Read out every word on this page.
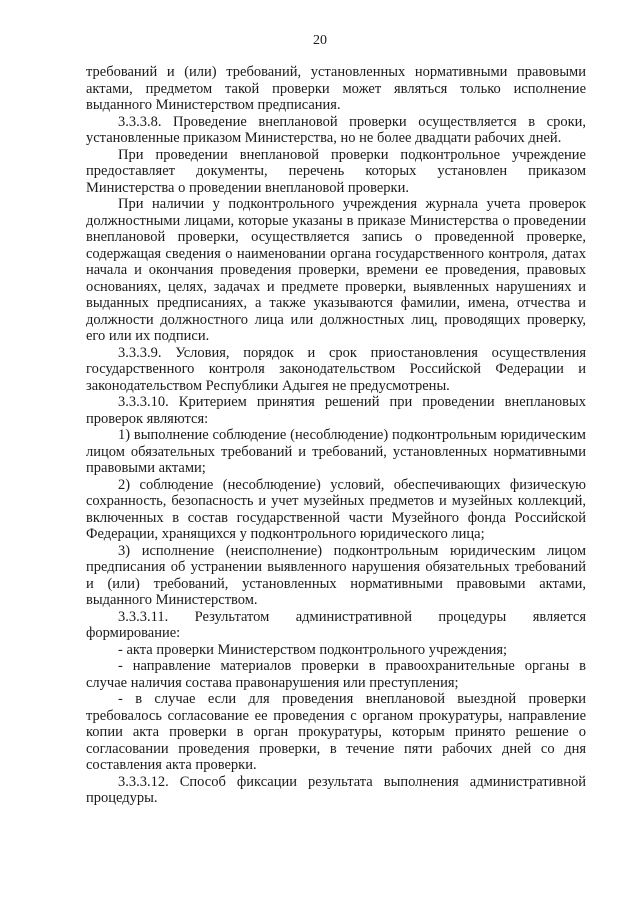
20

требований и (или) требований, установленных нормативными правовыми актами, предметом такой проверки может являться только исполнение выданного Министерством предписания.

3.3.3.8. Проведение внеплановой проверки осуществляется в сроки, установленные приказом Министерства, но не более двадцати рабочих дней.

При проведении внеплановой проверки подконтрольное учреждение предоставляет документы, перечень которых установлен приказом Министерства о проведении внеплановой проверки.

При наличии у подконтрольного учреждения журнала учета проверок должностными лицами, которые указаны в приказе Министерства о проведении внеплановой проверки, осуществляется запись о проведенной проверке, содержащая сведения о наименовании органа государственного контроля, датах начала и окончания проведения проверки, времени ее проведения, правовых основаниях, целях, задачах и предмете проверки, выявленных нарушениях и выданных предписаниях, а также указываются фамилии, имена, отчества и должности должностного лица или должностных лиц, проводящих проверку, его или их подписи.

3.3.3.9. Условия, порядок и срок приостановления осуществления государственного контроля законодательством Российской Федерации и законодательством Республики Адыгея не предусмотрены.

3.3.3.10. Критерием принятия решений при проведении внеплановых проверок являются:

1) выполнение соблюдение (несоблюдение) подконтрольным юридическим лицом обязательных требований и требований, установленных нормативными правовыми актами;

2) соблюдение (несоблюдение) условий, обеспечивающих физическую сохранность, безопасность и учет музейных предметов и музейных коллекций, включенных в состав государственной части Музейного фонда Российской Федерации, хранящихся у подконтрольного юридического лица;

3) исполнение (неисполнение) подконтрольным юридическим лицом предписания об устранении выявленного нарушения обязательных требований и (или) требований, установленных нормативными правовыми актами, выданного Министерством.

3.3.3.11. Результатом административной процедуры является формирование:

- акта проверки Министерством подконтрольного учреждения;

- направление материалов проверки в правоохранительные органы в случае наличия состава правонарушения или преступления;

- в случае если для проведения внеплановой выездной проверки требовалось согласование ее проведения с органом прокуратуры, направление копии акта проверки в орган прокуратуры, которым принято решение о согласовании проведения проверки, в течение пяти рабочих дней со дня составления акта проверки.

3.3.3.12. Способ фиксации результата выполнения административной процедуры.
